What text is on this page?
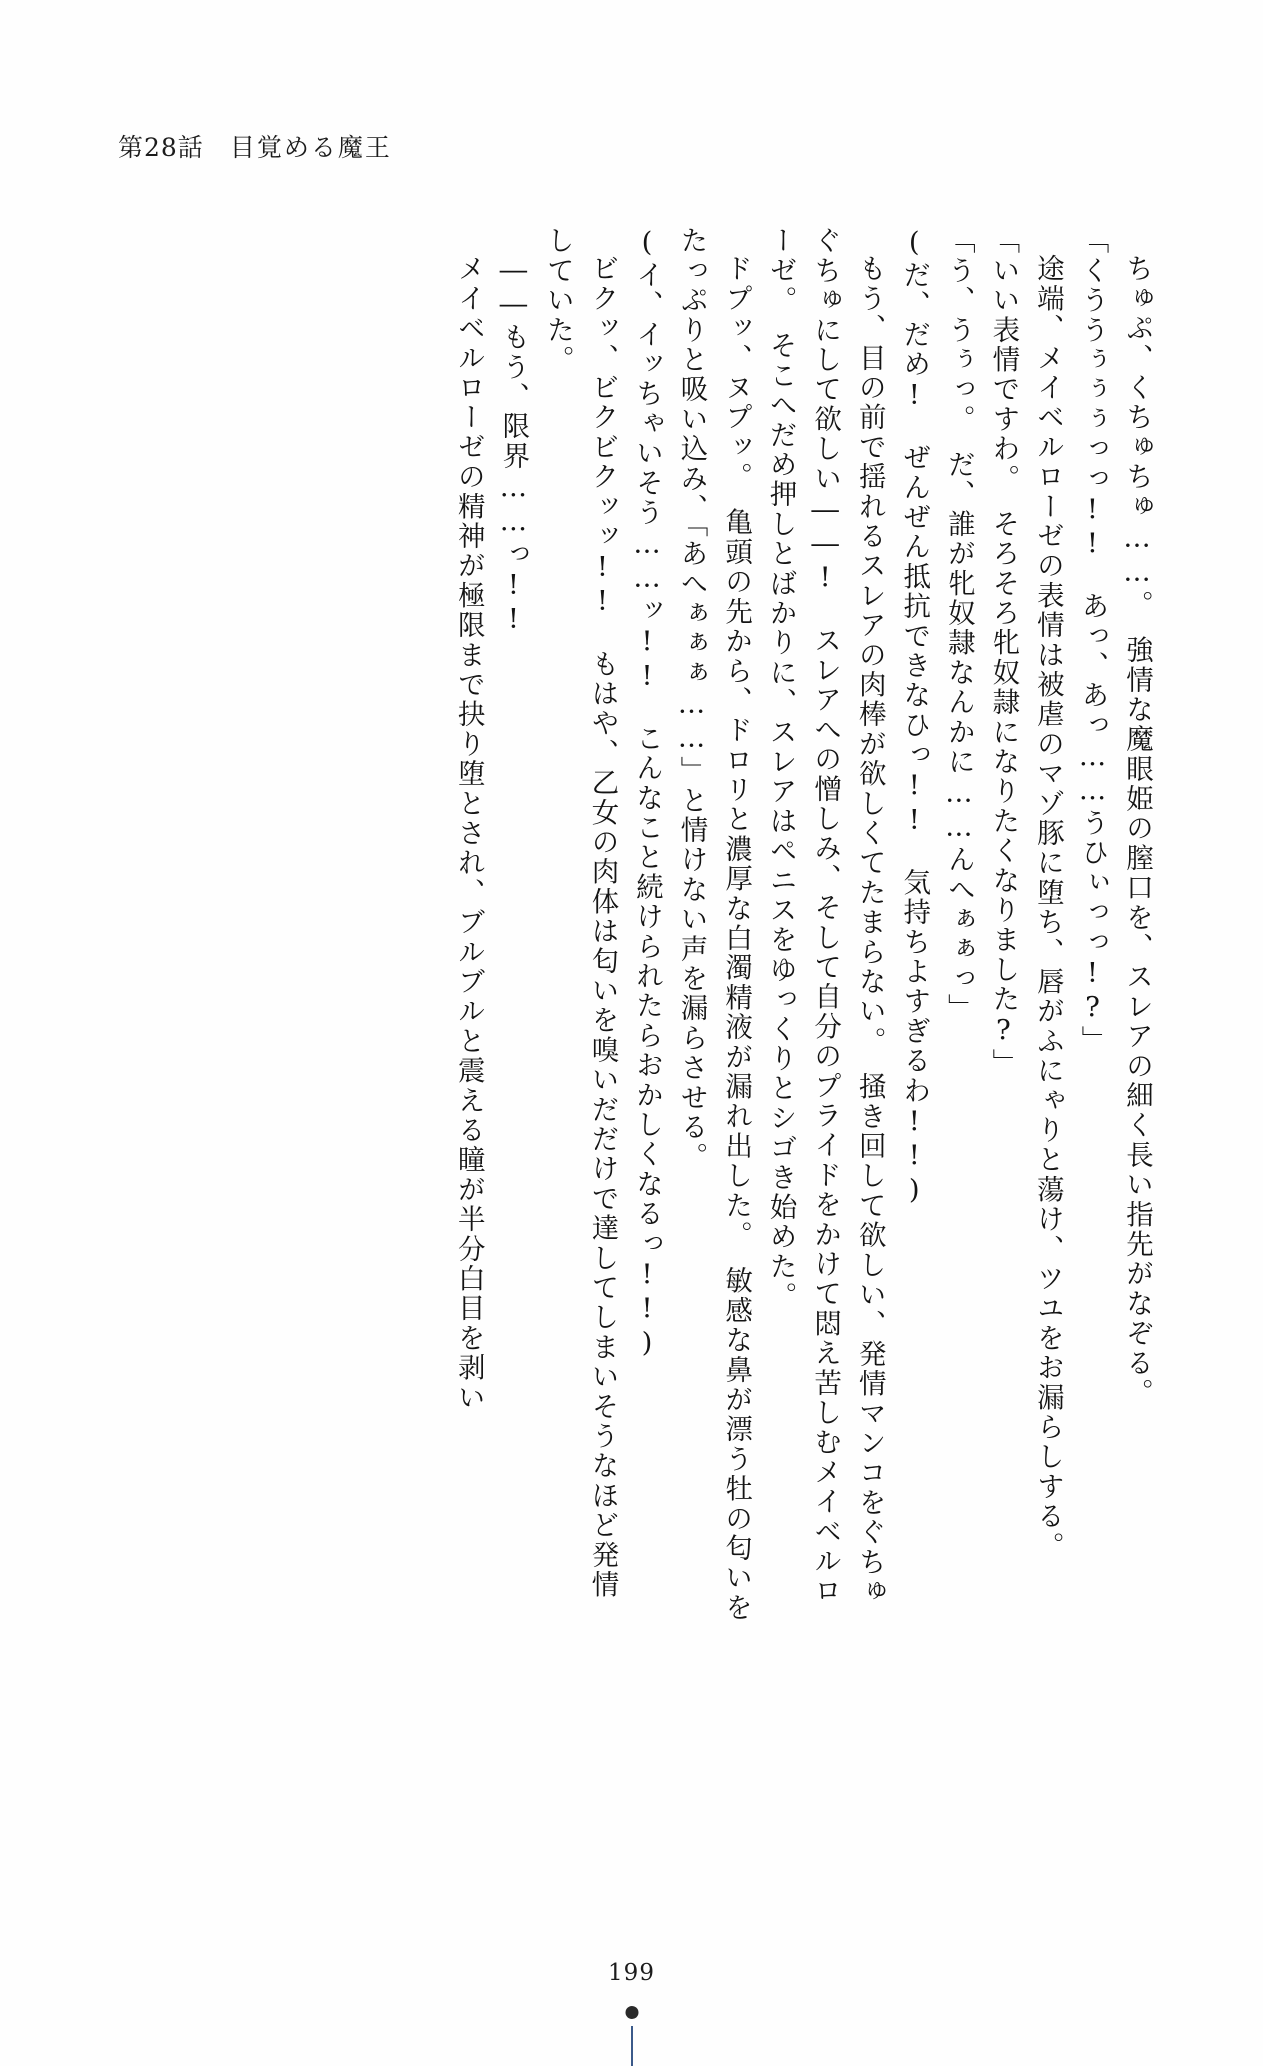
第28話 目覚める魔王

ちゅぷ、くちゅちゅ……。　強情な魔眼姫の膣口を、スレアの細く長い指先がなぞる。

「くううぅぅぅっっ!!　あっ、あっ……うひぃっっ!?」

途端、メイベルローゼの表情は被虐のマゾ豚に堕ち、唇がふにゃりと蕩け、ツユをお漏らしする。

「いい表情ですわ。　そろそろ牝奴隷になりたくなりました?」

「う、うぅっ。　だ、誰が牝奴隷なんかに……んへぁぁっ」

(だ、だめ!　ぜんぜん抵抗できなひっ!!　気持ちよすぎるわ!!)

もう、目の前で揺れるスレアの肉棒が欲しくてたまらない。　掻き回して欲しい、発情マンコをぐちゅぐちゅにして欲しい――!　スレアへの憎しみ、そして自分のプライドをかけて悶え苦しむメイベルローゼ。　そこへだめ押しとばかりに、スレアはペニスをゆっくりとシゴき始めた。

ドプッ、ヌプッ。　亀頭の先から、ドロリと濃厚な白濁精液が漏れ出した。　敏感な鼻が漂う牡の匂いをたっぷりと吸い込み、「あへぁぁぁ……」と情けない声を漏らさせる。

(イ、イッちゃいそう……ッ!!　こんなこと続けられたらおかしくなるっ!!)

ビクッ、ビクビクッッ!!　もはや、乙女の肉体は匂いを嗅いだだけで達してしまいそうなほど発情していた。

――もう、限界……っ!!

メイベルローゼの精神が極限まで抉り堕とされ、ブルブルと震える瞳が半分白目を剥い

199
